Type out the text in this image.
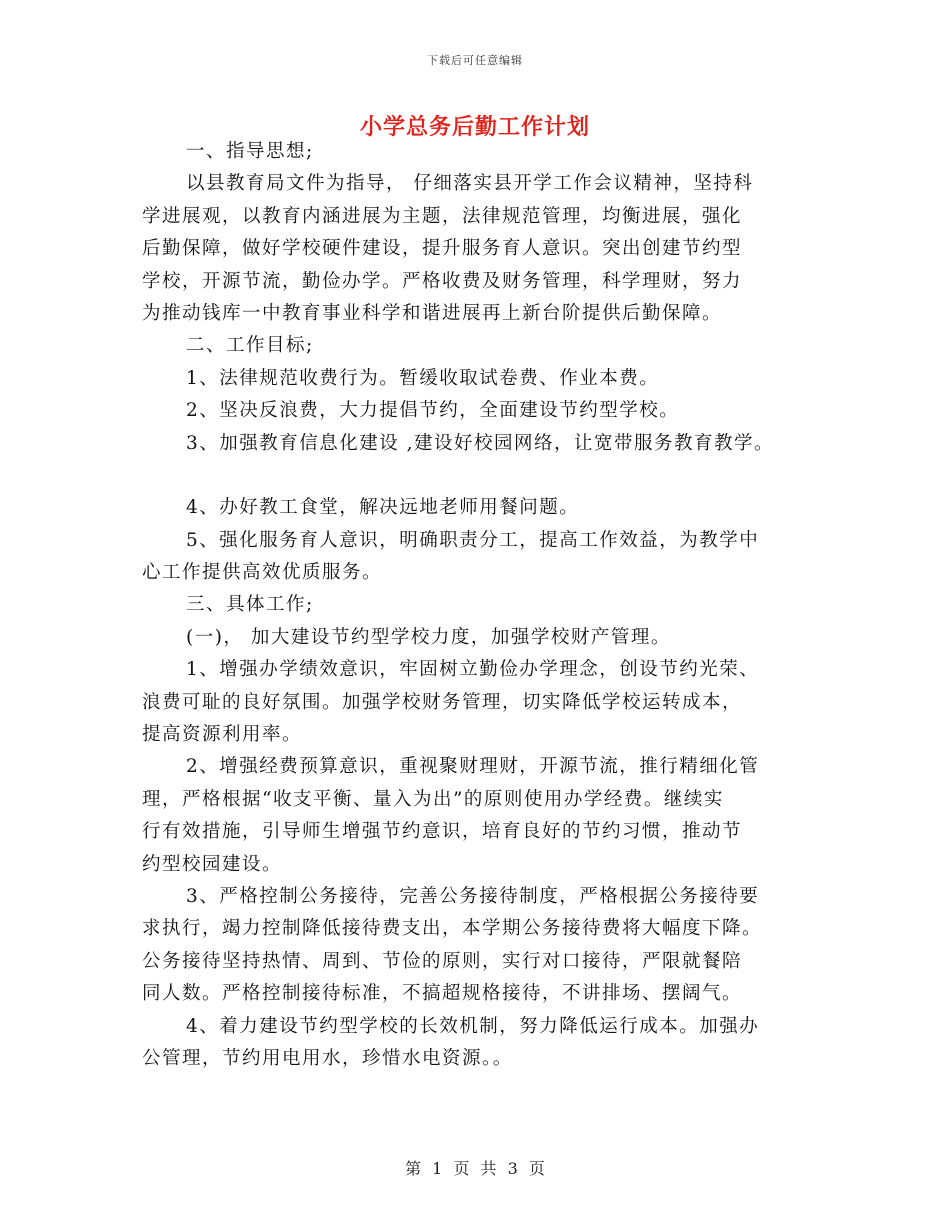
下载后可任意编辑
小学总务后勤工作计划
一、指导思想;
以县教育局文件为指导， 仔细落实县开学工作会议精神，坚持科
学进展观，以教育内涵进展为主题，法律规范管理，均衡进展，强化
后勤保障，做好学校硬件建设，提升服务育人意识。突出创建节约型
学校，开源节流，勤俭办学。严格收费及财务管理，科学理财，努力
为推动钱库一中教育事业科学和谐进展再上新台阶提供后勤保障。
二、工作目标;
1、法律规范收费行为。暂缓收取试卷费、作业本费。
2、坚决反浪费，大力提倡节约，全面建设节约型学校。
3、加强教育信息化建设 ,建设好校园网络，让宽带服务教育教学。
4、办好教工食堂，解决远地老师用餐问题。
5、强化服务育人意识，明确职责分工，提高工作效益，为教学中
心工作提供高效优质服务。
三、具体工作;
(一)， 加大建设节约型学校力度，加强学校财产管理。
1、增强办学绩效意识，牢固树立勤俭办学理念，创设节约光荣、
浪费可耻的良好氛围。加强学校财务管理，切实降低学校运转成本，
提高资源利用率。
2、增强经费预算意识，重视聚财理财，开源节流，推行精细化管
理，严格根据“收支平衡、量入为出”的原则使用办学经费。继续实
行有效措施，引导师生增强节约意识，培育良好的节约习惯，推动节
约型校园建设。
3、严格控制公务接待，完善公务接待制度，严格根据公务接待要
求执行，竭力控制降低接待费支出，本学期公务接待费将大幅度下降。
公务接待坚持热情、周到、节俭的原则，实行对口接待，严限就餐陪
同人数。严格控制接待标准，不搞超规格接待，不讲排场、摆阔气。
4、着力建设节约型学校的长效机制，努力降低运行成本。加强办
公管理，节约用电用水，珍惜水电资源。。
第 1 页 共 3 页
